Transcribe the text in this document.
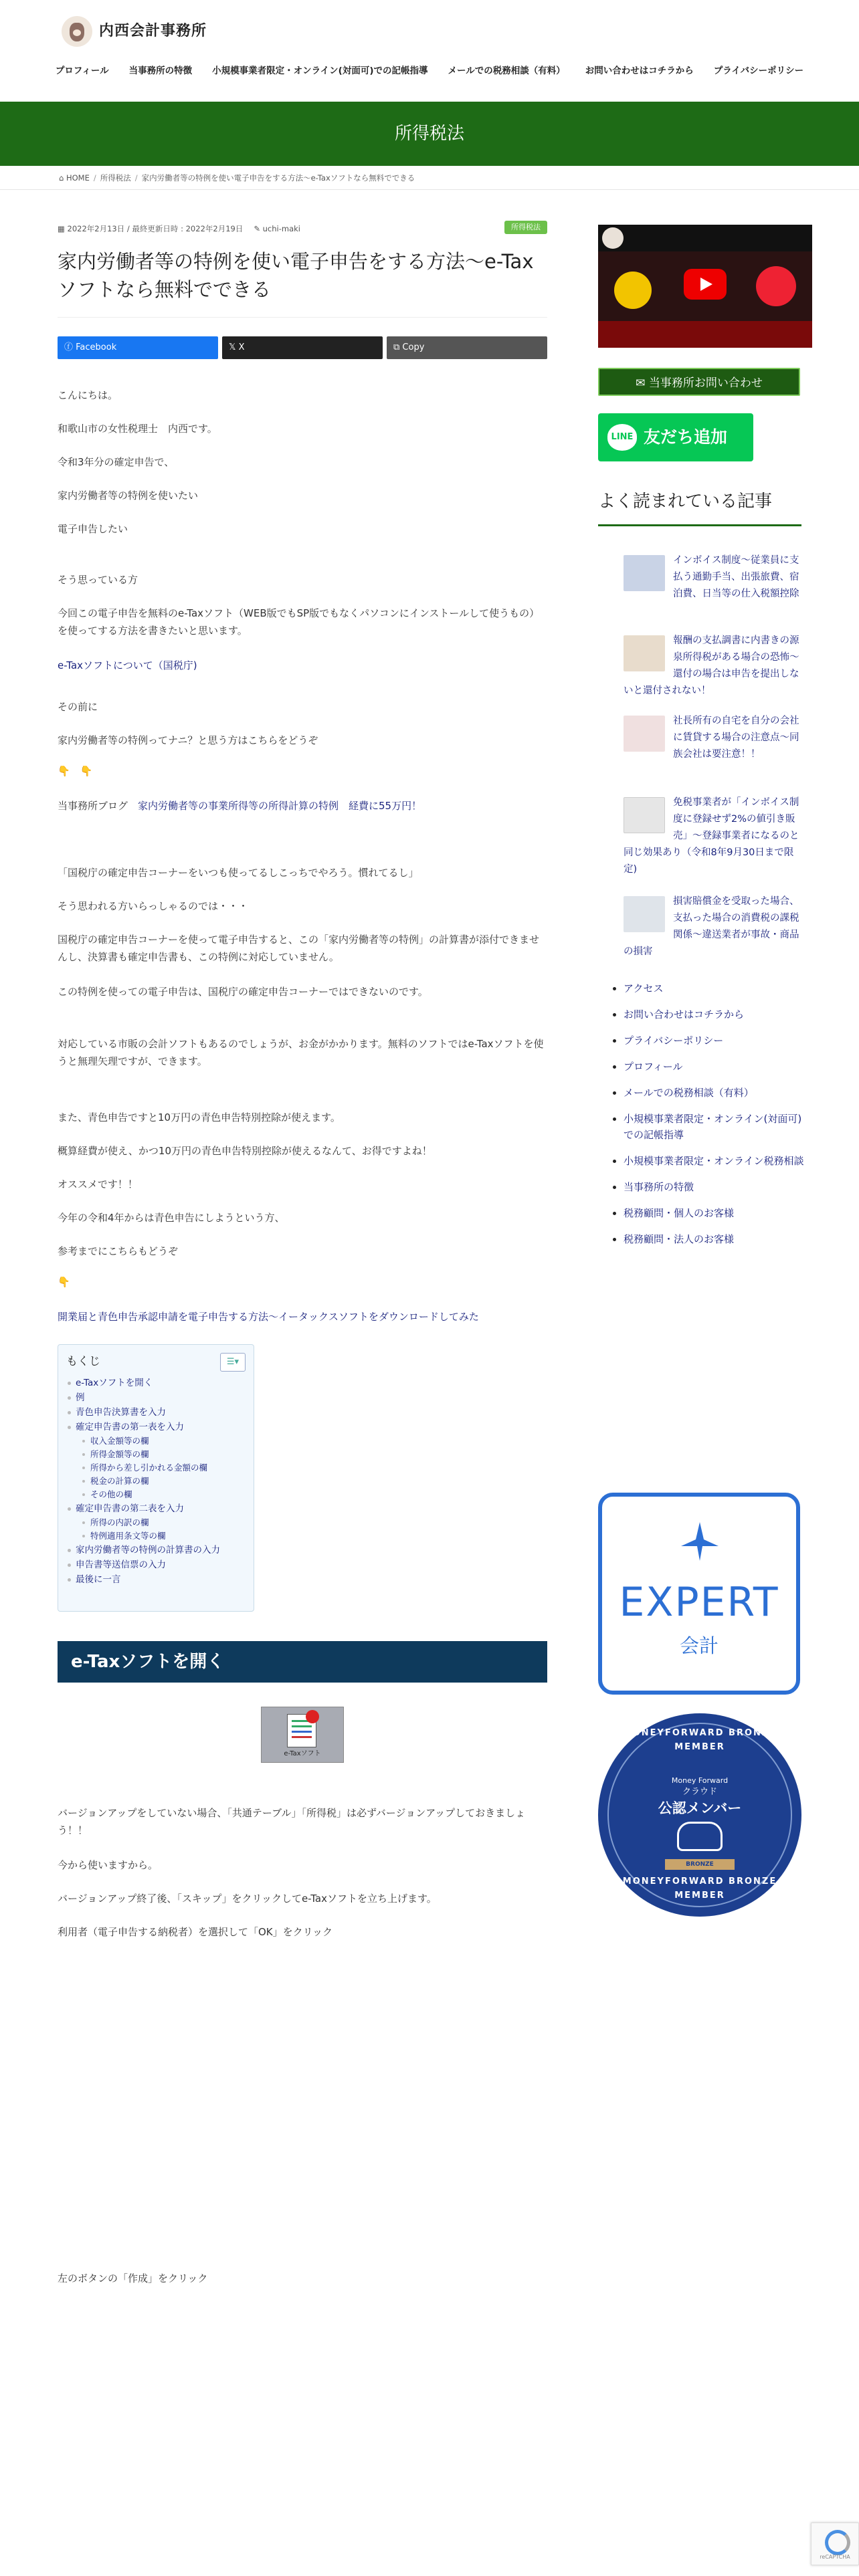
内西会計事務所
プロフィール 当事務所の特徴 小規模事業者限定・オンライン(対面可)での記帳指導 メールでの税務相談（有料） お問い合わせはコチラから プライバシーポリシー
所得税法
⌂ HOME / 所得税法 / 家内労働者等の特例を使い電子申告をする方法〜e-Taxソフトなら無料でできる
▦ 2022年2月13日 / 最終更新日時 : 2022年2月19日 ✎ uchi-maki	所得税法
家内労働者等の特例を使い電子申告をする方法〜e-Taxソフトなら無料でできる
ⓕ Facebook	𝕏 X	⧉ Copy
こんにちは。
和歌山市の女性税理士　内西です。
令和3年分の確定申告で、
家内労働者等の特例を使いたい
電子申告したい
そう思っている方
今回この電子申告を無料のe-Taxソフト（WEB版でもSP版でもなくパソコンにインストールして使うもの）を使ってする方法を書きたいと思います。
e-Taxソフトについて（国税庁)
その前に
家内労働者等の特例ってナニ？と思う方はこちらをどうぞ
👇　👇
当事務所ブログ　家内労働者等の事業所得等の所得計算の特例　経費に55万円！
「国税庁の確定申告コーナーをいつも使ってるしこっちでやろう。慣れてるし」
そう思われる方いらっしゃるのでは・・・
国税庁の確定申告コーナーを使って電子申告すると、この「家内労働者等の特例」の計算書が添付できませんし、決算書も確定申告書も、この特例に対応していません。
この特例を使っての電子申告は、国税庁の確定申告コーナーではできないのです。
対応している市販の会計ソフトもあるのでしょうが、お金がかかります。無料のソフトではe-Taxソフトを使うと無理矢理ですが、できます。
また、青色申告ですと10万円の青色申告特別控除が使えます。
概算経費が使え、かつ10万円の青色申告特別控除が使えるなんて、お得ですよね！
オススメです！！
今年の令和4年からは青色申告にしようという方、
参考までにこちらもどうぞ
👇
開業届と青色申告承認申請を電子申告する方法〜イータックスソフトをダウンロードしてみた
バージョンアップをしていない場合、「共通テーブル」「所得税」は必ずバージョンアップしておきましょう！！
今から使いますから。
バージョンアップ終了後、「スキップ」をクリックしてe-Taxソフトを立ち上げます。
利用者（電子申告する納税者）を選択して「OK」をクリック
左のボタンの「作成」をクリック
もくじ	☰▾
e-Taxソフトを開く
例
青色申告決算書を入力
確定申告書の第一表を入力
収入金額等の欄
所得金額等の欄
所得から差し引かれる金額の欄
税金の計算の欄
その他の欄
確定申告書の第二表を入力
所得の内訳の欄
特例適用条文等の欄
家内労働者等の特例の計算書の入力
申告書等送信票の入力
最後に一言
e-Taxソフトを開く
e-Taxソフト
✉ 当事務所お問い合わせ
LINE 友だち追加
よく読まれている記事
インボイス制度〜従業員に支払う通勤手当、出張旅費、宿泊費、日当等の仕入税額控除
報酬の支払調書に内書きの源泉所得税がある場合の恐怖〜還付の場合は申告を提出しないと還付されない！
社長所有の自宅を自分の会社に賃貸する場合の注意点〜同族会社は要注意！！
免税事業者が「インボイス制度に登録せず2%の値引き販売」〜登録事業者になるのと同じ効果あり（令和8年9月30日まで限定)
損害賠償金を受取った場合、支払った場合の消費税の課税関係〜違送業者が事故・商品の損害
• アクセス
• お問い合わせはコチラから
• プライバシーポリシー
• プロフィール
• メールでの税務相談（有料）
• 小規模事業者限定・オンライン(対面可)での記帳指導
• 小規模事業者限定・オンライン税務相談
• 当事務所の特徴
• 税務顧問・個人のお客様
• 税務顧問・法人のお客様
EXPERT
会計
MONEYFORWARD BRONZE MEMBER
Money Forward
クラウド
公認メンバー
BRONZE
MONEYFORWARD BRONZE MEMBER
reCAPTCHA
